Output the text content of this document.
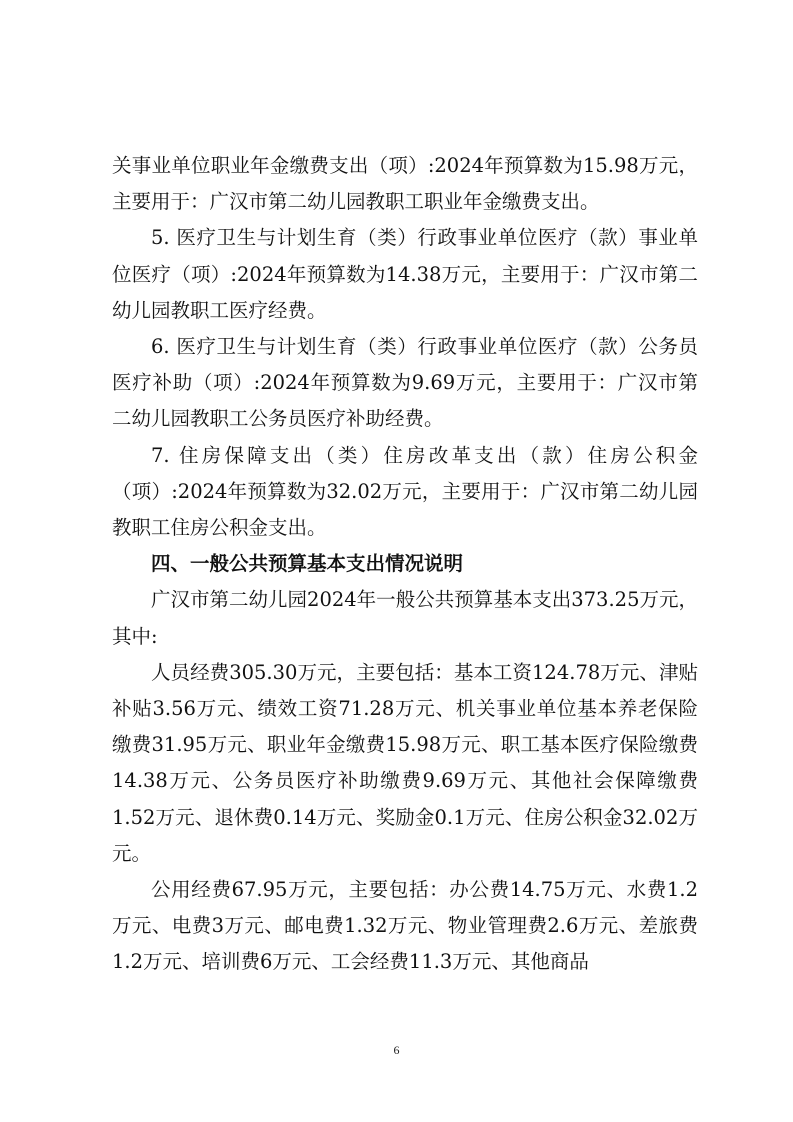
关事业单位职业年金缴费支出（项）:2024年预算数为15.98万元，主要用于：广汉市第二幼儿园教职工职业年金缴费支出。

5. 医疗卫生与计划生育（类）行政事业单位医疗（款）事业单位医疗（项）:2024年预算数为14.38万元，主要用于：广汉市第二幼儿园教职工医疗经费。

6. 医疗卫生与计划生育（类）行政事业单位医疗（款）公务员医疗补助（项）:2024年预算数为9.69万元，主要用于：广汉市第二幼儿园教职工公务员医疗补助经费。

7. 住房保障支出（类）住房改革支出（款）住房公积金（项）:2024年预算数为32.02万元，主要用于：广汉市第二幼儿园教职工住房公积金支出。

四、一般公共预算基本支出情况说明

广汉市第二幼儿园2024年一般公共预算基本支出373.25万元，其中:

人员经费305.30万元，主要包括：基本工资124.78万元、津贴补贴3.56万元、绩效工资71.28万元、机关事业单位基本养老保险缴费31.95万元、职业年金缴费15.98万元、职工基本医疗保险缴费14.38万元、公务员医疗补助缴费9.69万元、其他社会保障缴费1.52万元、退休费0.14万元、奖励金0.1万元、住房公积金32.02万元。

公用经费67.95万元，主要包括：办公费14.75万元、水费1.2万元、电费3万元、邮电费1.32万元、物业管理费2.6万元、差旅费1.2万元、培训费6万元、工会经费11.3万元、其他商品

6
